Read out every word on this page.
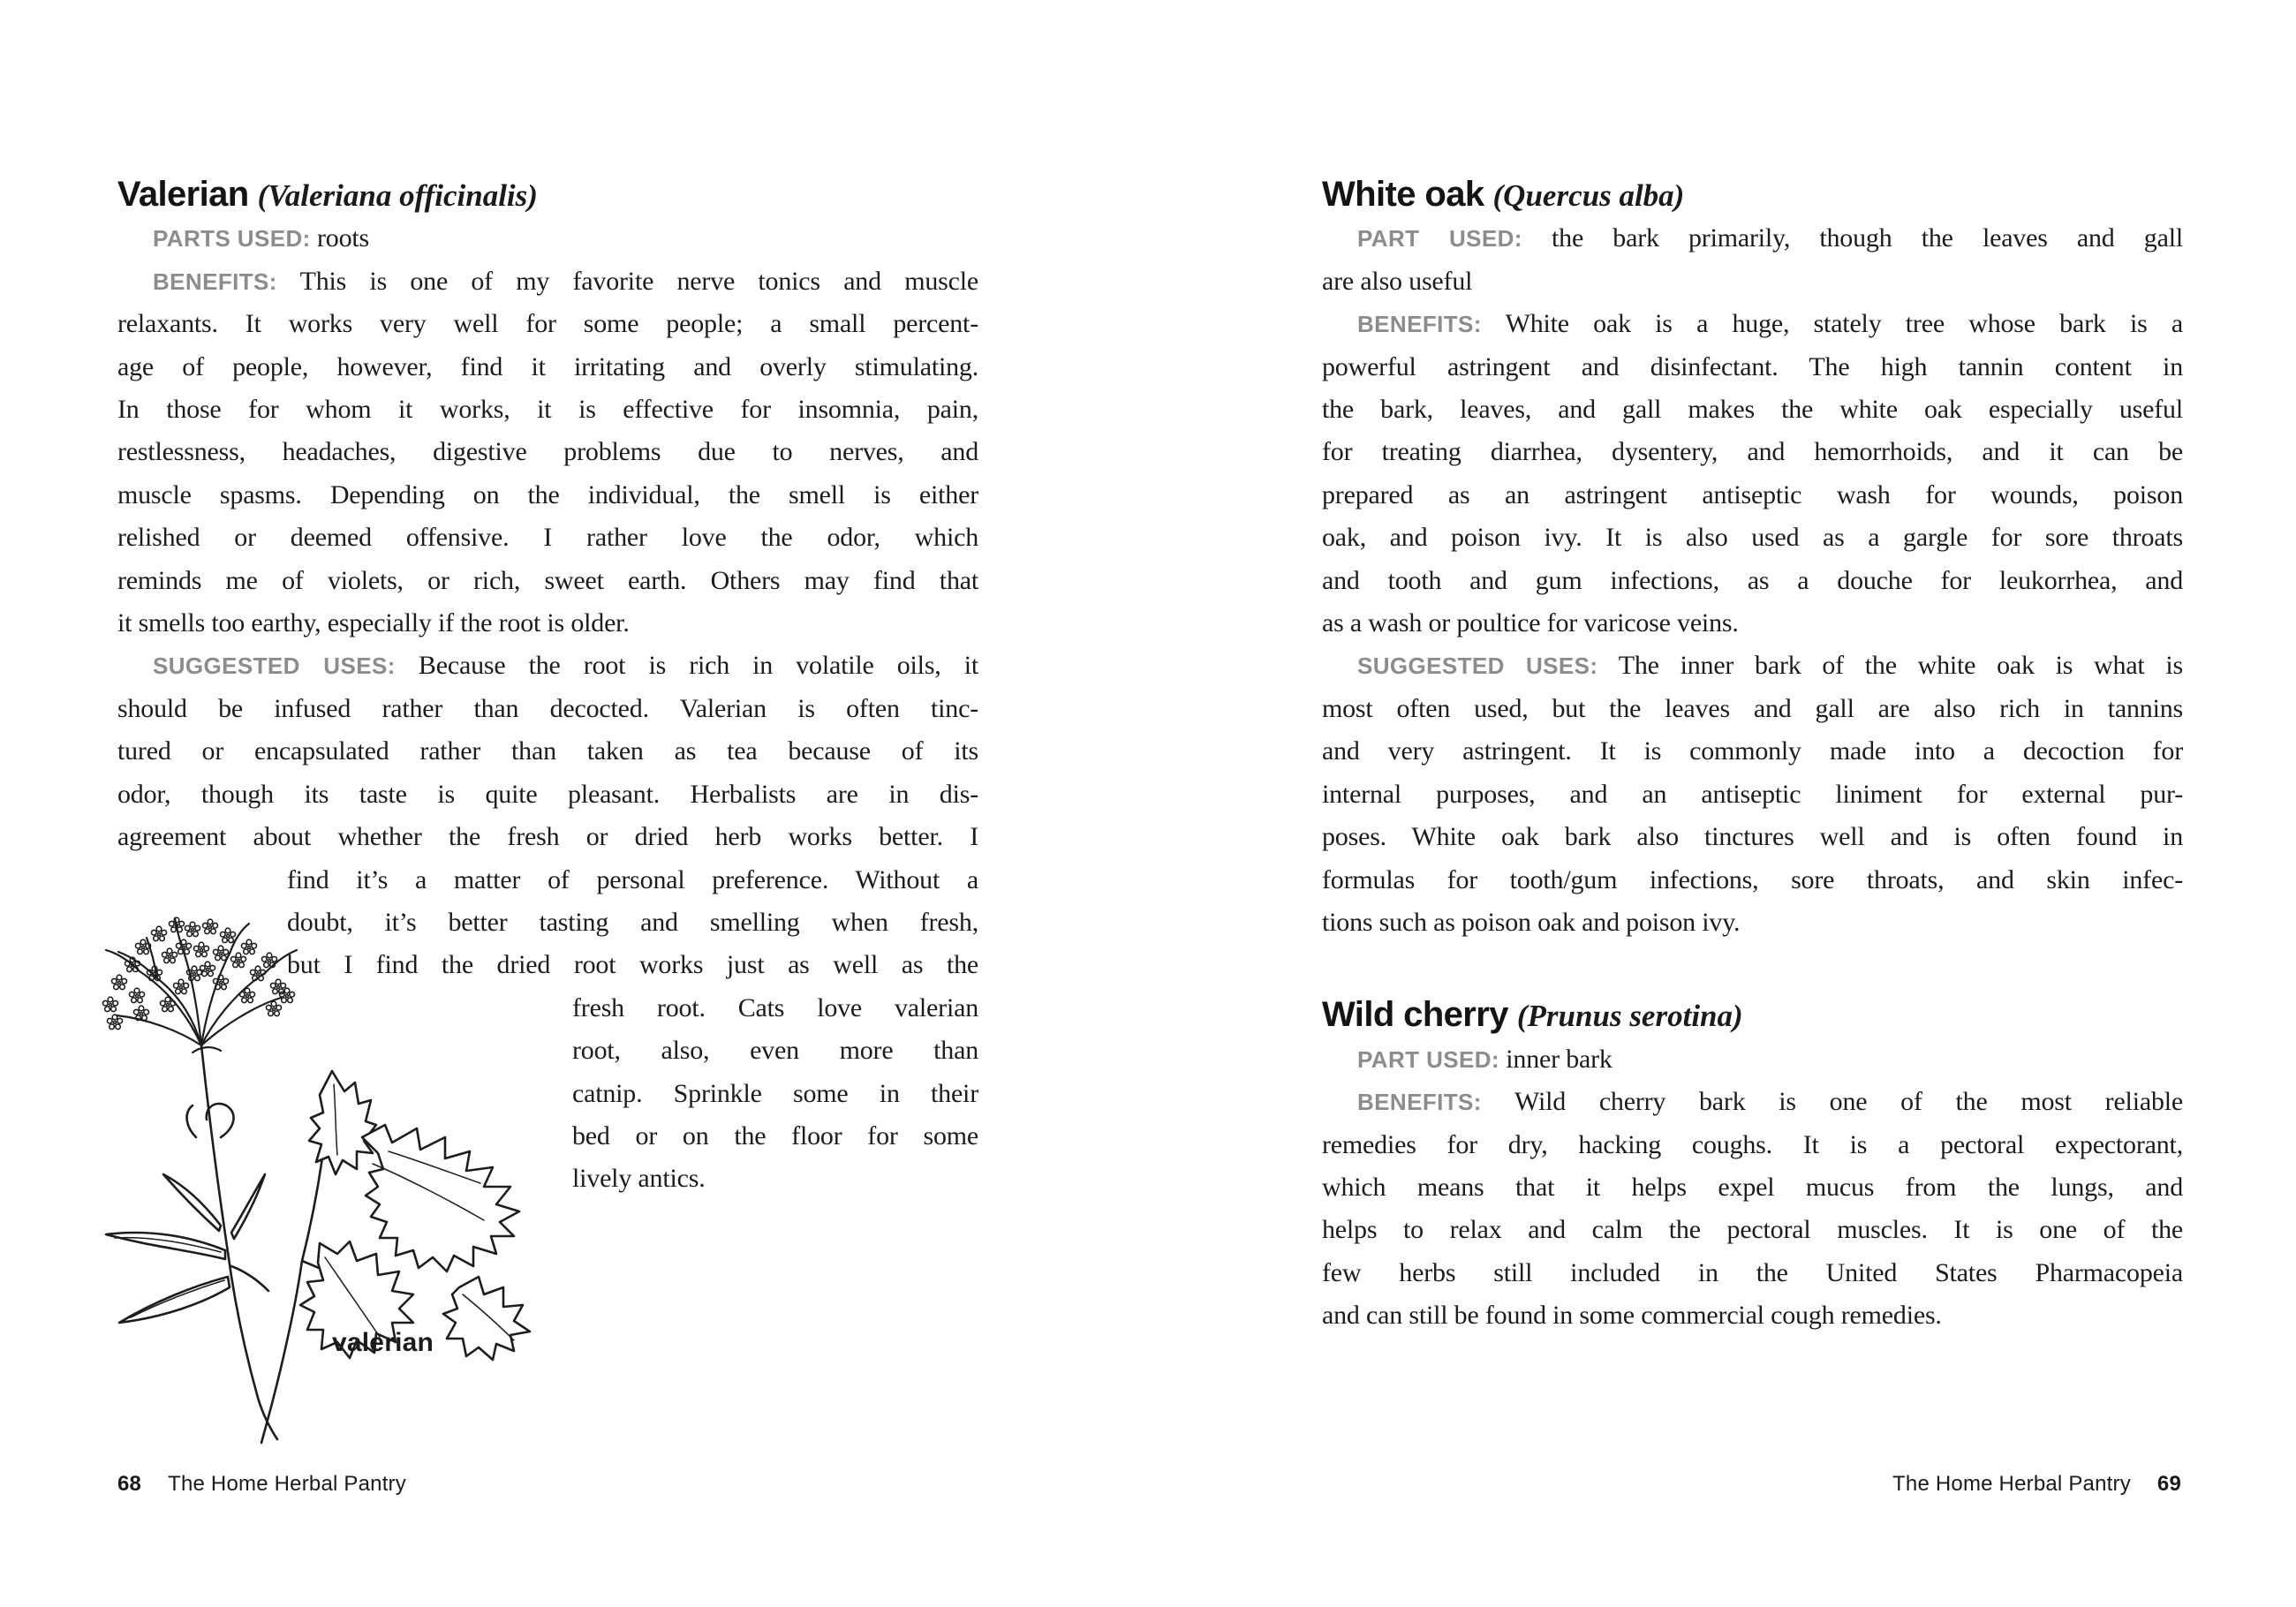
Valerian (Valeriana officinalis)
PARTS USED: roots
BENEFITS: This is one of my favorite nerve tonics and muscle
relaxants. It works very well for some people; a small percent-
age of people, however, find it irritating and overly stimulating.
In those for whom it works, it is effective for insomnia, pain,
restlessness, headaches, digestive problems due to nerves, and
muscle spasms. Depending on the individual, the smell is either
relished or deemed offensive. I rather love the odor, which
reminds me of violets, or rich, sweet earth. Others may find that
it smells too earthy, especially if the root is older.
SUGGESTED USES: Because the root is rich in volatile oils, it
should be infused rather than decocted. Valerian is often tinc-
tured or encapsulated rather than taken as tea because of its
odor, though its taste is quite pleasant. Herbalists are in dis-
agreement about whether the fresh or dried herb works better. I
find it’s a matter of personal preference. Without a
doubt, it’s better tasting and smelling when fresh,
but I find the dried root works just as well as the
fresh root. Cats love valerian
root, also, even more than
catnip. Sprinkle some in their
bed or on the floor for some
lively antics.
White oak (Quercus alba)
PART USED: the bark primarily, though the leaves and gall
are also useful
BENEFITS: White oak is a huge, stately tree whose bark is a
powerful astringent and disinfectant. The high tannin content in
the bark, leaves, and gall makes the white oak especially useful
for treating diarrhea, dysentery, and hemorrhoids, and it can be
prepared as an astringent antiseptic wash for wounds, poison
oak, and poison ivy. It is also used as a gargle for sore throats
and tooth and gum infections, as a douche for leukorrhea, and
as a wash or poultice for varicose veins.
SUGGESTED USES: The inner bark of the white oak is what is
most often used, but the leaves and gall are also rich in tannins
and very astringent. It is commonly made into a decoction for
internal purposes, and an antiseptic liniment for external pur-
poses. White oak bark also tinctures well and is often found in
formulas for tooth/gum infections, sore throats, and skin infec-
tions such as poison oak and poison ivy.
Wild cherry (Prunus serotina)
PART USED: inner bark
BENEFITS: Wild cherry bark is one of the most reliable
remedies for dry, hacking coughs. It is a pectoral expectorant,
which means that it helps expel mucus from the lungs, and
helps to relax and calm the pectoral muscles. It is one of the
few herbs still included in the United States Pharmacopeia
and can still be found in some commercial cough remedies.
valerian
68 The Home Herbal Pantry	The Home Herbal Pantry 69
